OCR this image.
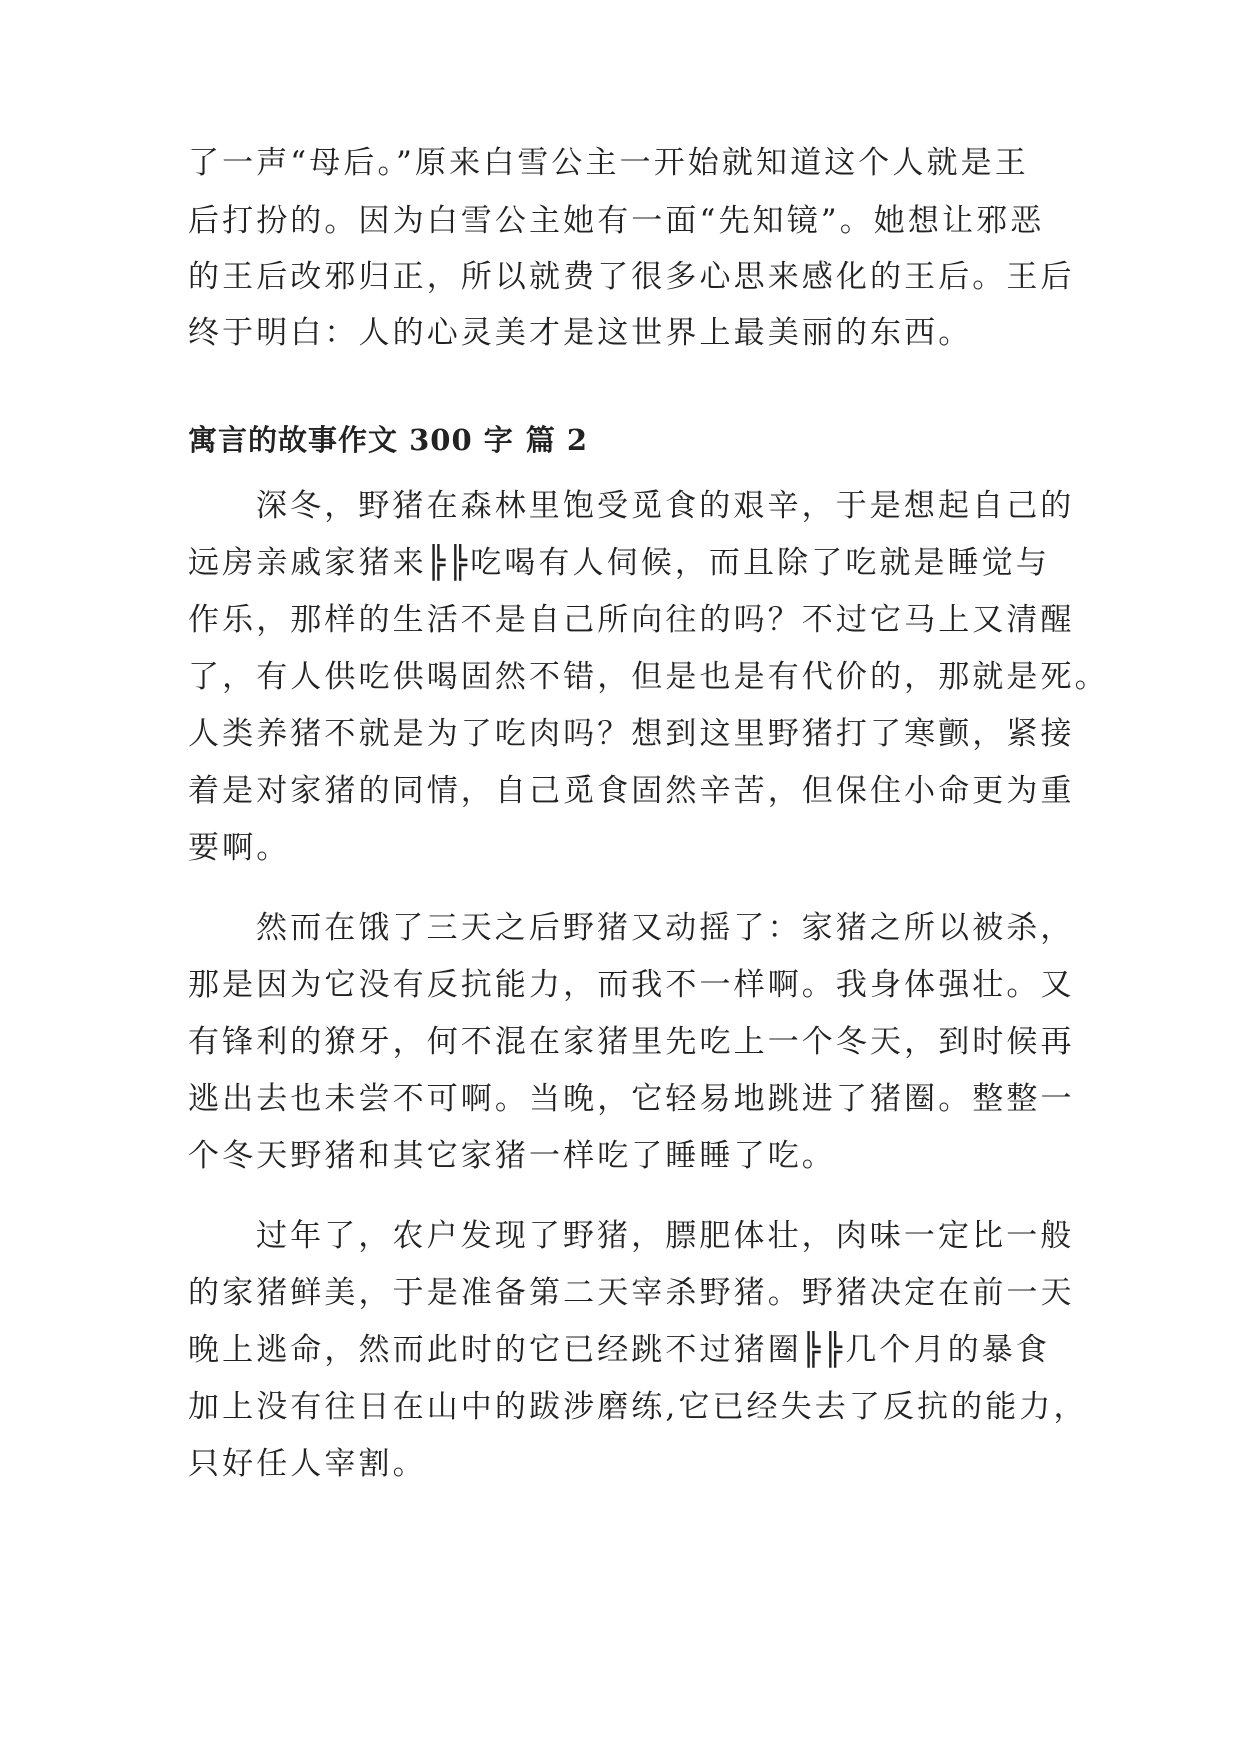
了一声“母后。”原来白雪公主一开始就知道这个人就是王

后打扮的。因为白雪公主她有一面“先知镜”。她想让邪恶

的王后改邪归正，所以就费了很多心思来感化的王后。王后

终于明白：人的心灵美才是这世界上最美丽的东西。

寓言的故事作文 300 字 篇 2

深冬，野猪在森林里饱受觅食的艰辛，于是想起自己的

远房亲戚家猪来╠╠吃喝有人伺候，而且除了吃就是睡觉与

作乐，那样的生活不是自己所向往的吗？不过它马上又清醒

了，有人供吃供喝固然不错，但是也是有代价的，那就是死。

人类养猪不就是为了吃肉吗？想到这里野猪打了寒颤，紧接

着是对家猪的同情，自己觅食固然辛苦，但保住小命更为重

要啊。

然而在饿了三天之后野猪又动摇了：家猪之所以被杀，

那是因为它没有反抗能力，而我不一样啊。我身体强壮。又

有锋利的獠牙，何不混在家猪里先吃上一个冬天，到时候再

逃出去也未尝不可啊。当晚，它轻易地跳进了猪圈。整整一

个冬天野猪和其它家猪一样吃了睡睡了吃。

过年了，农户发现了野猪，膘肥体壮，肉味一定比一般

的家猪鲜美，于是准备第二天宰杀野猪。野猪决定在前一天

晚上逃命，然而此时的它已经跳不过猪圈╠╠几个月的暴食

加上没有往日在山中的跋涉磨练,它已经失去了反抗的能力，

只好任人宰割。
